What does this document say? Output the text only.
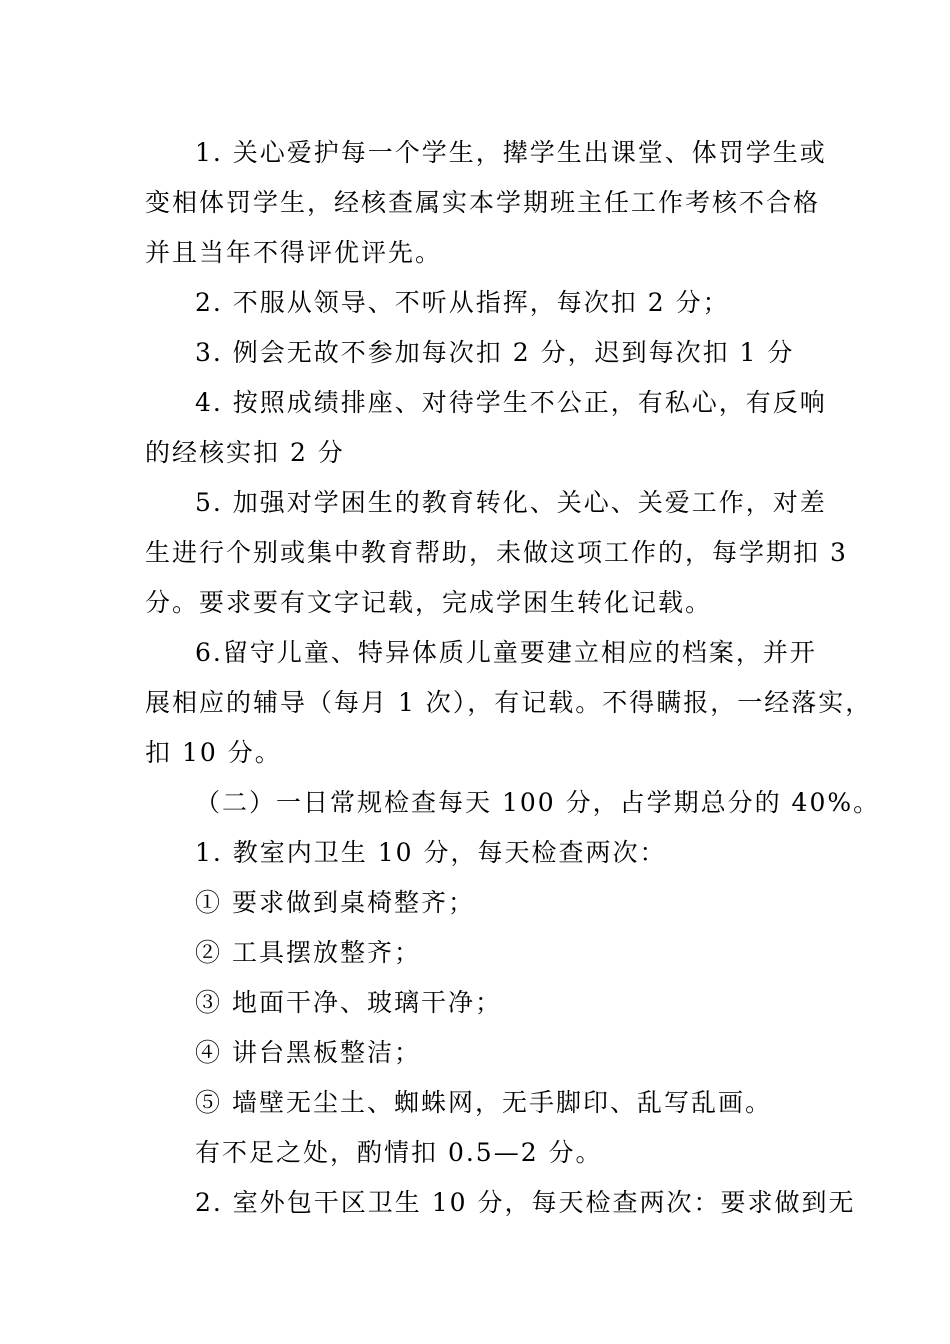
1. 关心爱护每一个学生，撵学生出课堂、体罚学生或
变相体罚学生，经核查属实本学期班主任工作考核不合格
并且当年不得评优评先。
2. 不服从领导、不听从指挥，每次扣 2 分；
3. 例会无故不参加每次扣 2 分，迟到每次扣 1 分
4. 按照成绩排座、对待学生不公正，有私心，有反响
的经核实扣 2 分
5. 加强对学困生的教育转化、关心、关爱工作，对差
生进行个别或集中教育帮助，未做这项工作的，每学期扣 3
分。要求要有文字记载，完成学困生转化记载。
6.留守儿童、特异体质儿童要建立相应的档案，并开
展相应的辅导（每月 1 次），有记载。不得瞒报，一经落实，
扣 10 分。
（二）一日常规检查每天 100 分，占学期总分的 40%。
1. 教室内卫生 10 分，每天检查两次：
① 要求做到桌椅整齐；
② 工具摆放整齐；
③ 地面干净、玻璃干净；
④ 讲台黑板整洁；
⑤ 墙壁无尘土、蜘蛛网，无手脚印、乱写乱画。
有不足之处，酌情扣 0.5—2 分。
2. 室外包干区卫生 10 分，每天检查两次：要求做到无
